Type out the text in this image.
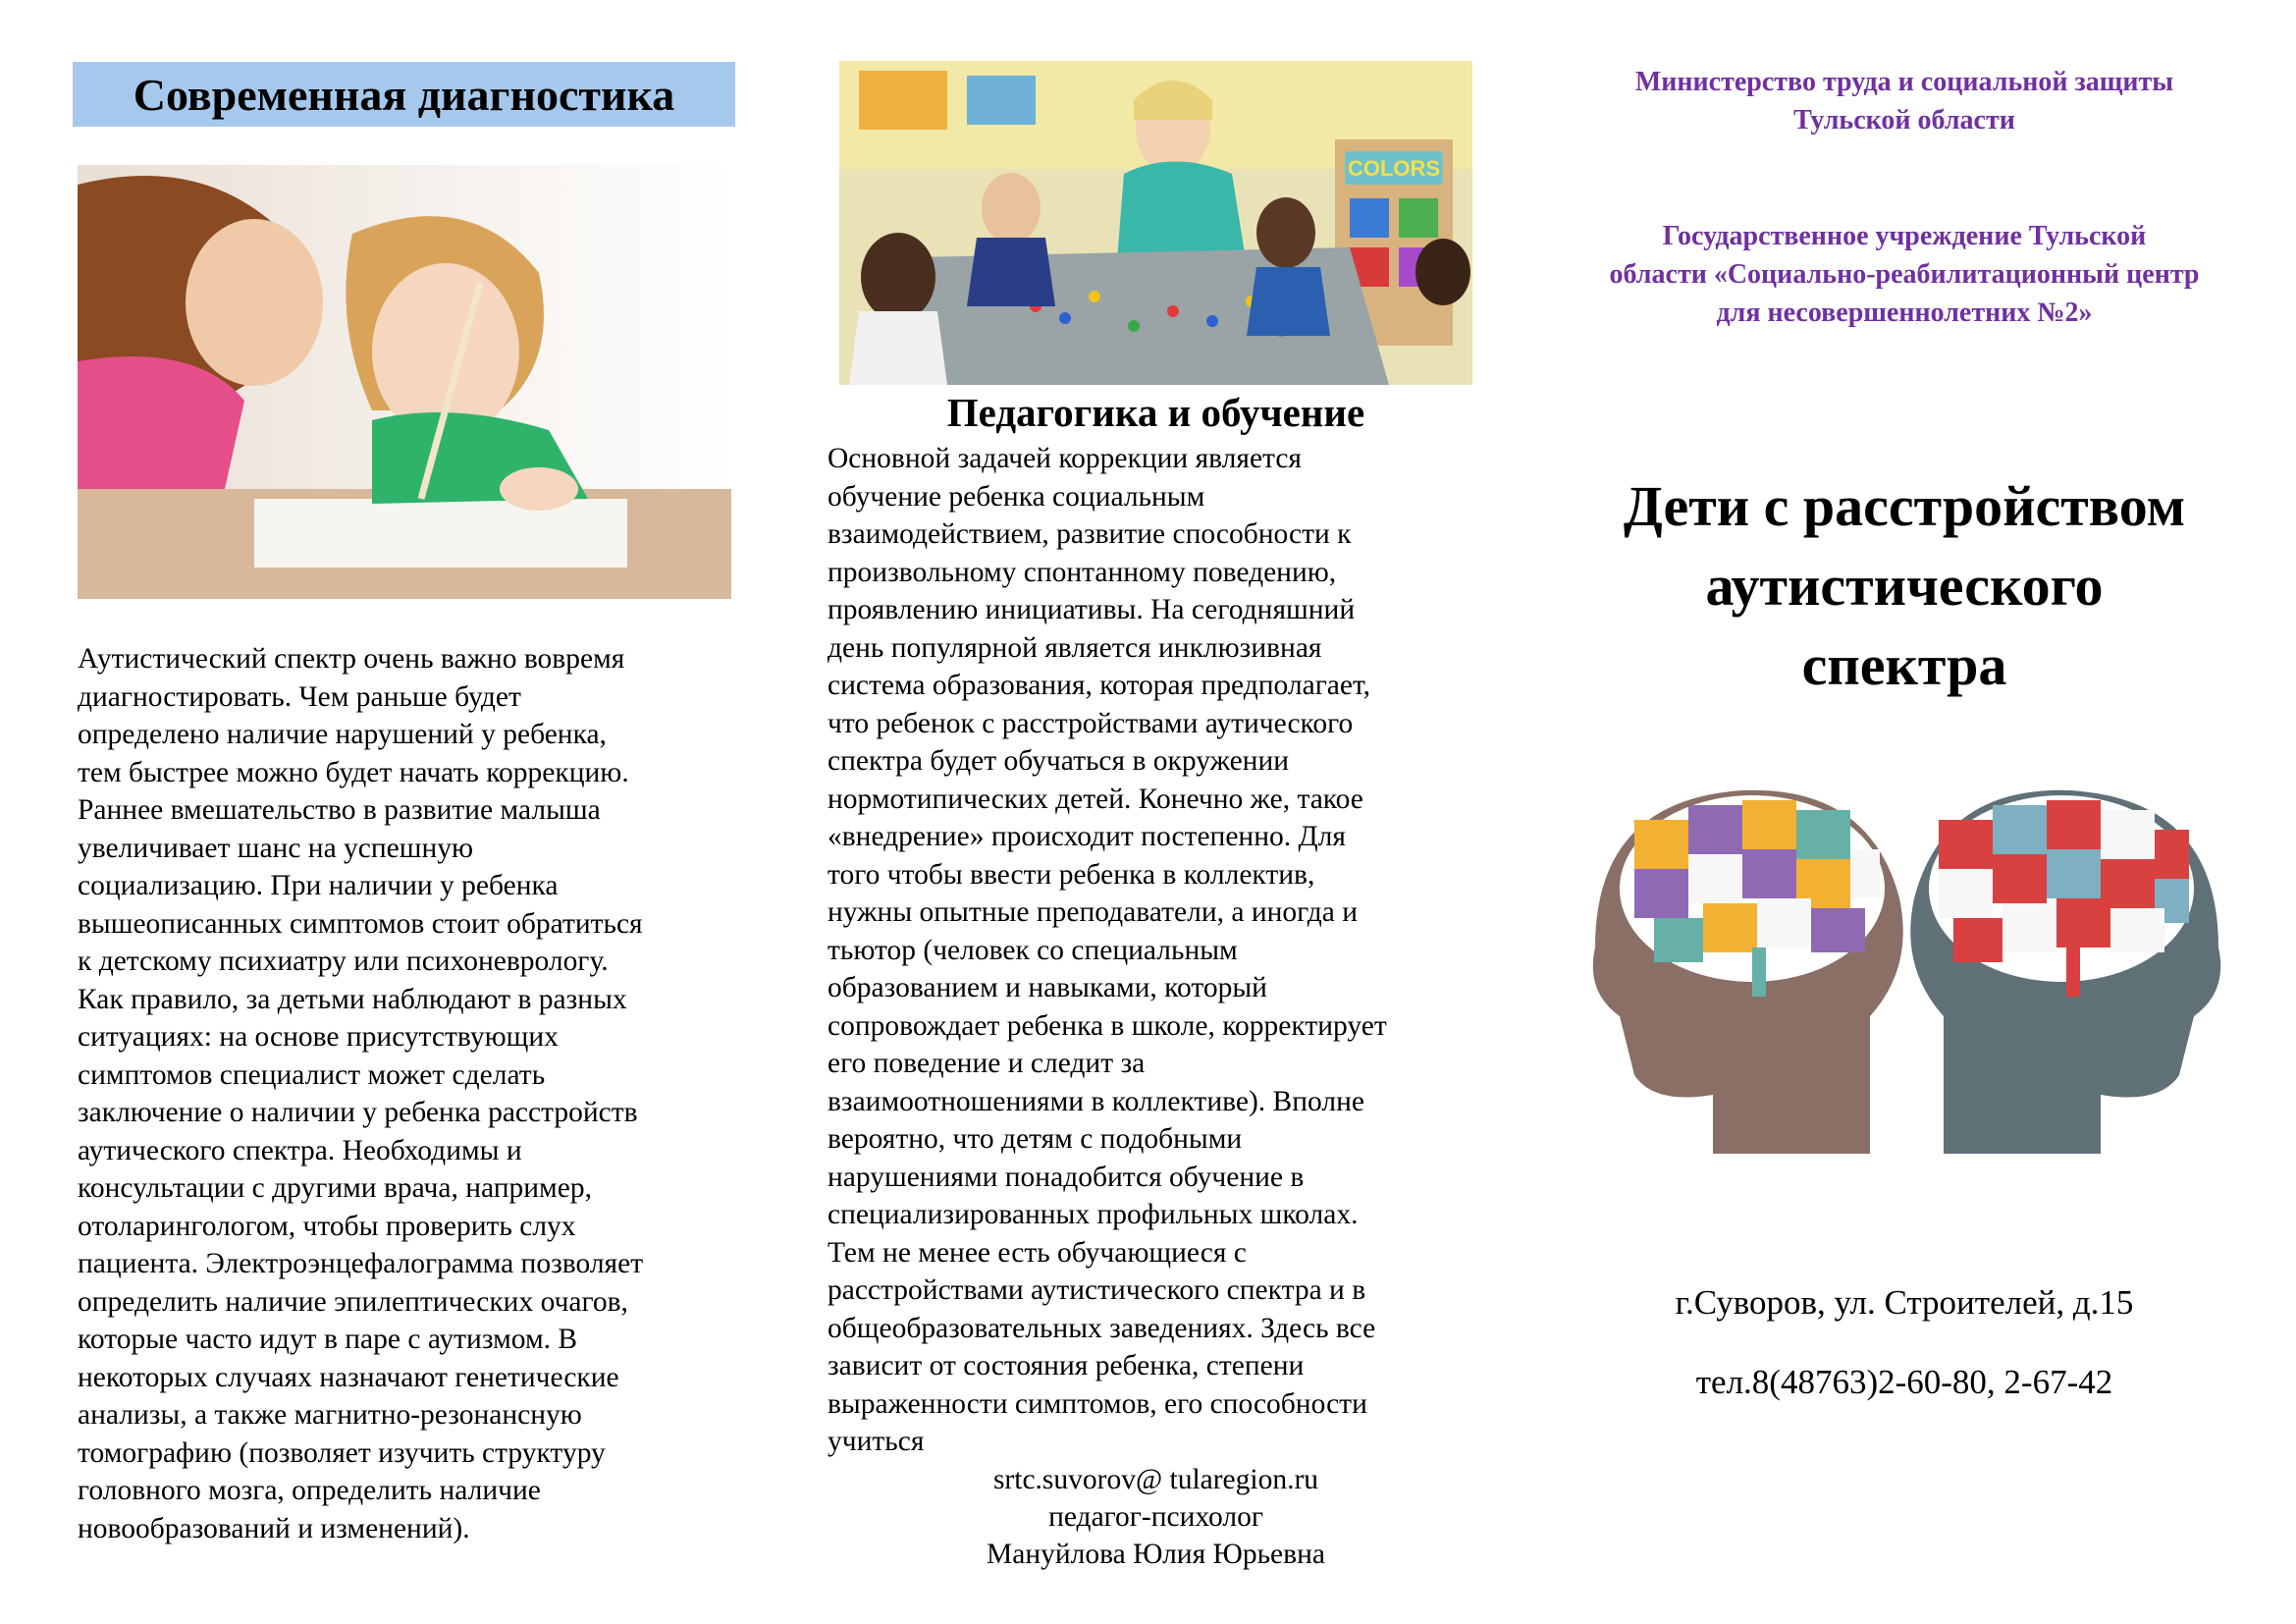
Современная диагностика
Аутистический спектр очень важно вовремя
диагностировать. Чем раньше будет
определено наличие нарушений у ребенка,
тем быстрее можно будет начать коррекцию.
Раннее вмешательство в развитие малыша
увеличивает шанс на успешную
социализацию. При наличии у ребенка
вышеописанных симптомов стоит обратиться
к детскому психиатру или психоневрологу.
Как правило, за детьми наблюдают в разных
ситуациях: на основе присутствующих
симптомов специалист может сделать
заключение о наличии у ребенка расстройств
аутического спектра. Необходимы и
консультации с другими врача, например,
отоларингологом, чтобы проверить слух
пациента. Электроэнцефалограмма позволяет
определить наличие эпилептических очагов,
которые часто идут в паре с аутизмом. В
некоторых случаях назначают генетические
анализы, а также магнитно-резонансную
томографию (позволяет изучить структуру
головного мозга, определить наличие
новообразований и изменений).
COLORS
Педагогика и обучение
Основной задачей коррекции является
обучение ребенка социальным
взаимодействием, развитие способности к
произвольному спонтанному поведению,
проявлению инициативы. На сегодняшний
день популярной является инклюзивная
система образования, которая предполагает,
что ребенок с расстройствами аутического
спектра будет обучаться в окружении
нормотипических детей. Конечно же, такое
«внедрение» происходит постепенно. Для
того чтобы ввести ребенка в коллектив,
нужны опытные преподаватели, а иногда и
тьютор (человек со специальным
образованием и навыками, который
сопровождает ребенка в школе, корректирует
его поведение и следит за
взаимоотношениями в коллективе). Вполне
вероятно, что детям с подобными
нарушениями понадобится обучение в
специализированных профильных школах.
Тем не менее есть обучающиеся с
расстройствами аутистического спектра и в
общеобразовательных заведениях. Здесь все
зависит от состояния ребенка, степени
выраженности симптомов, его способности
учиться
srtc.suvorov@ tularegion.ru
педагог-психолог
Мануйлова Юлия Юрьевна
Министерство труда и социальной защиты
Тульской области
Государственное учреждение Тульской
области «Социально-реабилитационный центр
для несовершеннолетних №2»
Дети с расстройством
аутистического
спектра
г.Суворов, ул. Строителей, д.15
тел.8(48763)2-60-80, 2-67-42
